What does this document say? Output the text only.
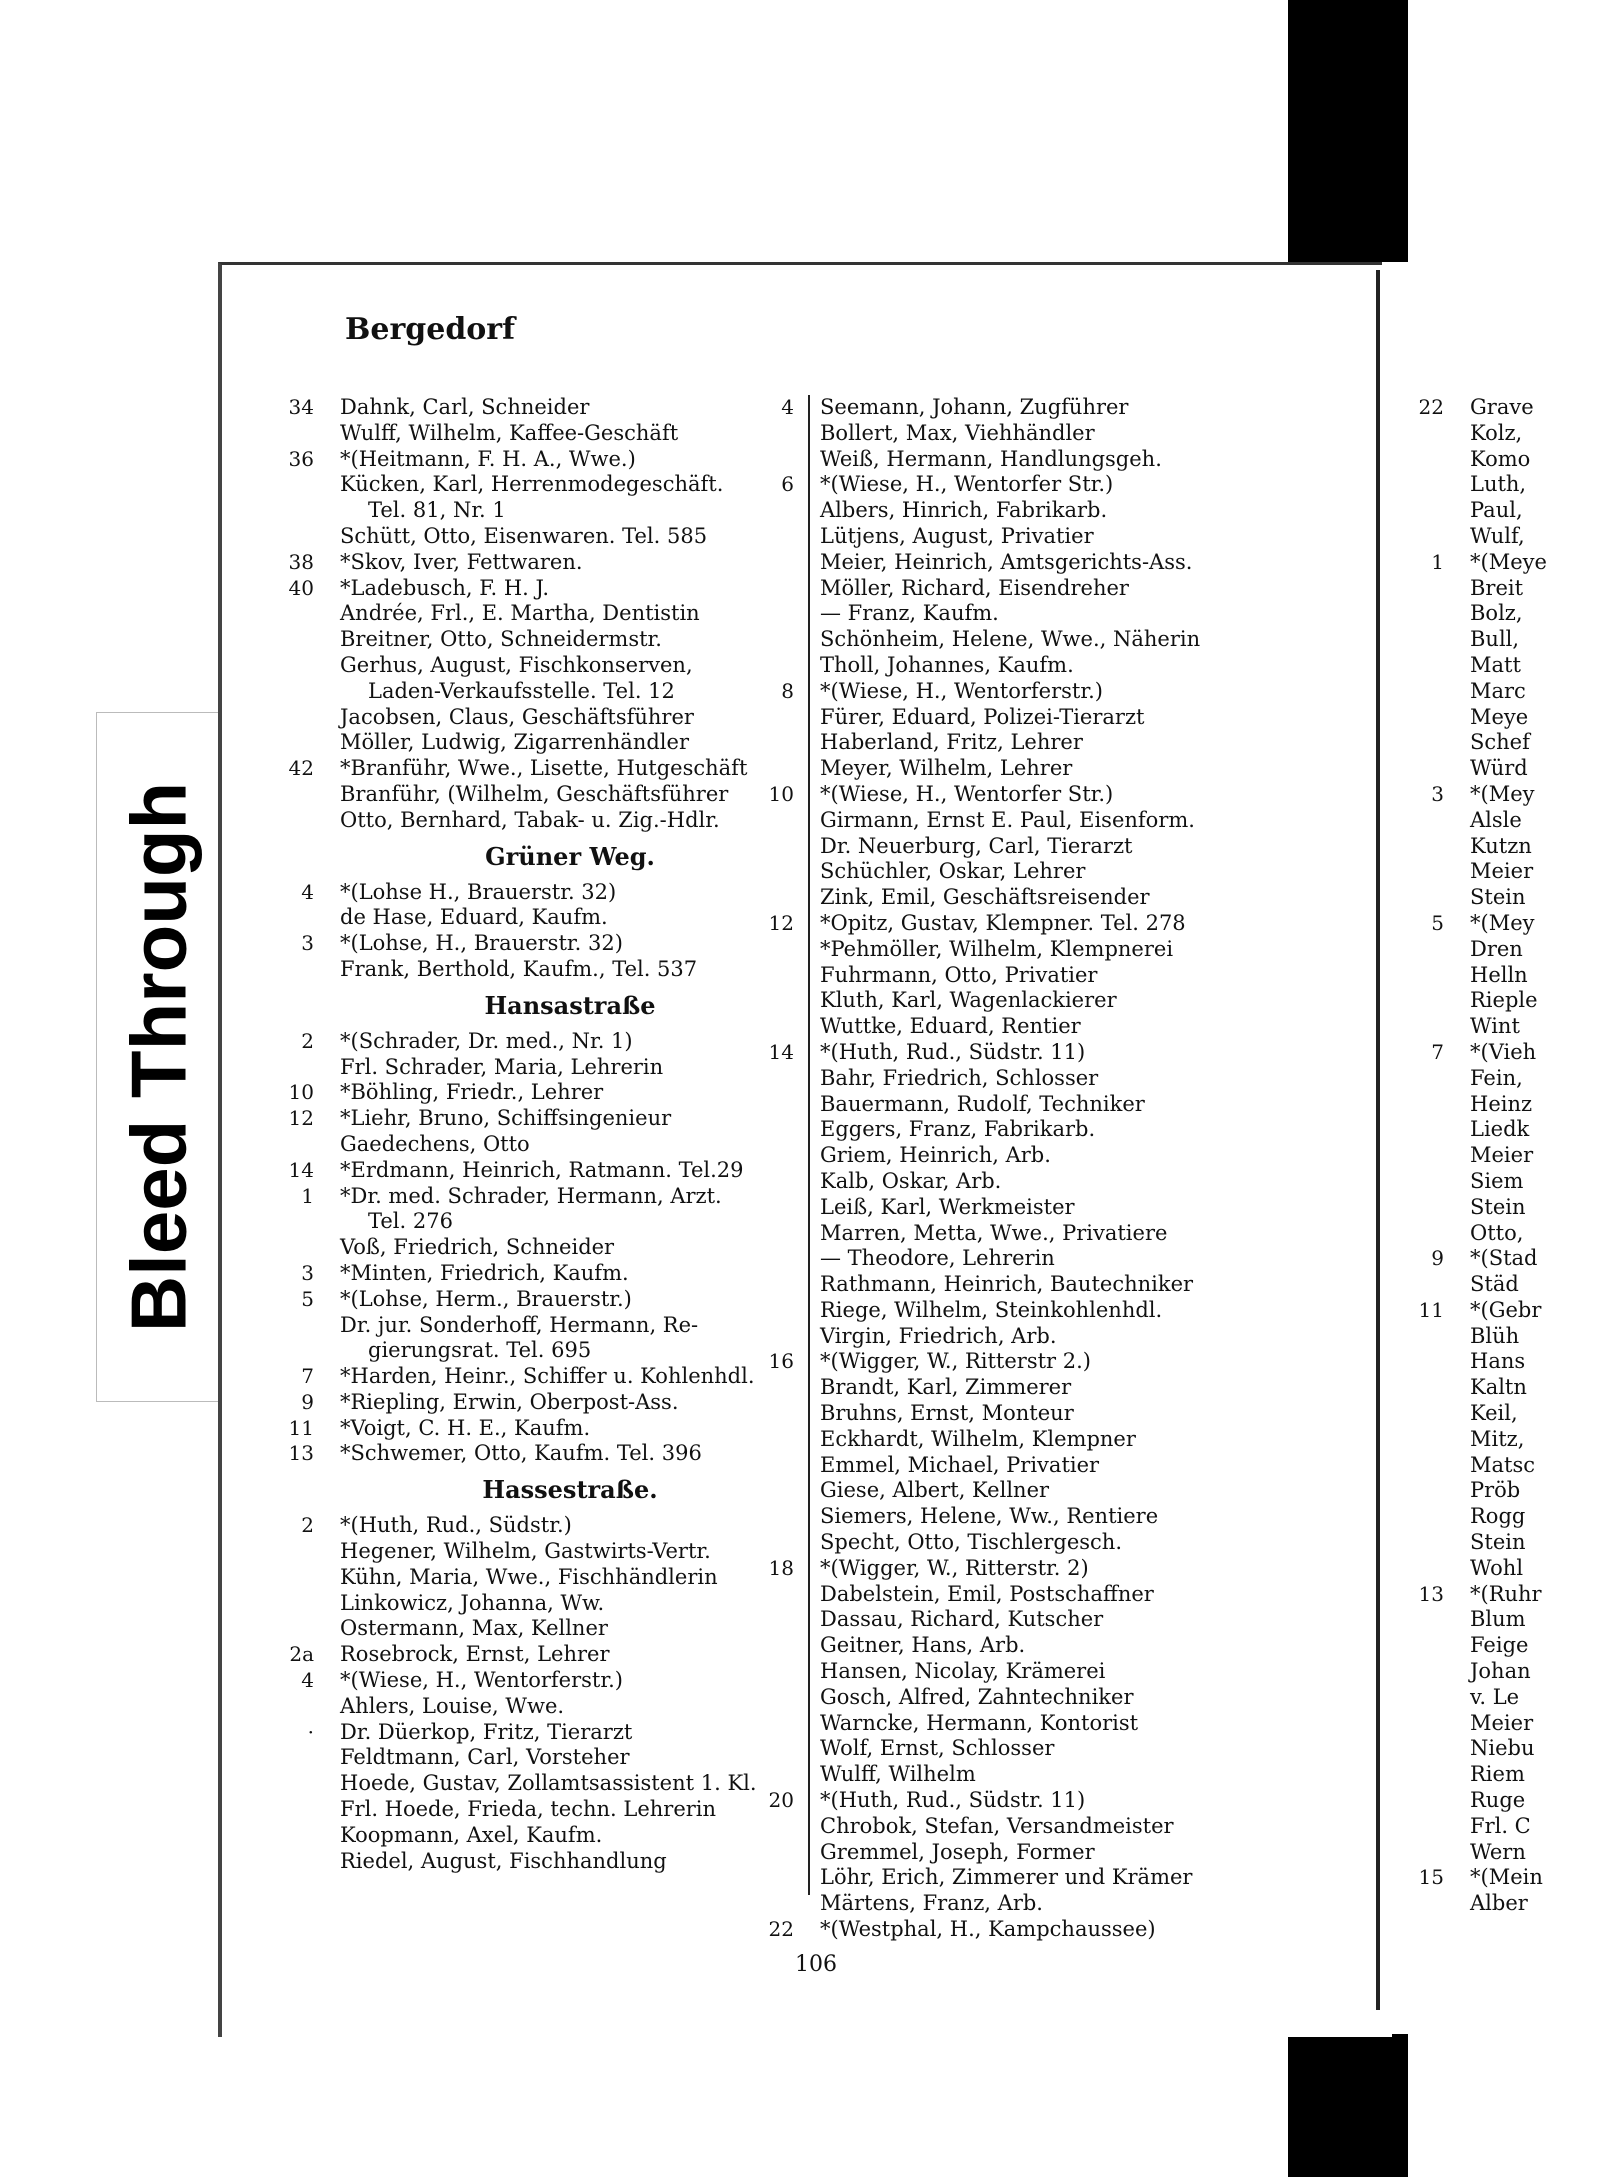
Bleed Through
Bergedorf
34 Dahnk, Carl, Schneider
Wulff, Wilhelm, Kaffee-Geschäft
36 *(Heitmann, F. H. A., Wwe.)
Kücken, Karl, Herrenmodegeschäft.
Tel. 81, Nr. 1
Schütt, Otto, Eisenwaren. Tel. 585
38 *Skov, Iver, Fettwaren.
40 *Ladebusch, F. H. J.
Andrée, Frl., E. Martha, Dentistin
Breitner, Otto, Schneidermstr.
Gerhus, August, Fischkonserven,
Laden-Verkaufsstelle. Tel. 12
Jacobsen, Claus, Geschäftsführer
Möller, Ludwig, Zigarrenhändler
42 *Branführ, Wwe., Lisette, Hutgeschäft
Branführ, (Wilhelm, Geschäftsführer
Otto, Bernhard, Tabak- u. Zig.-Hdlr.
Grüner Weg.
4 *(Lohse H., Brauerstr. 32)
de Hase, Eduard, Kaufm.
3 *(Lohse, H., Brauerstr. 32)
Frank, Berthold, Kaufm., Tel. 537
Hansastraße
2 *(Schrader, Dr. med., Nr. 1)
Frl. Schrader, Maria, Lehrerin
10 *Böhling, Friedr., Lehrer
12 *Liehr, Bruno, Schiffsingenieur
Gaedechens, Otto
14 *Erdmann, Heinrich, Ratmann. Tel.29
1 *Dr. med. Schrader, Hermann, Arzt.
Tel. 276
Voß, Friedrich, Schneider
3 *Minten, Friedrich, Kaufm.
5 *(Lohse, Herm., Brauerstr.)
Dr. jur. Sonderhoff, Hermann, Re-
gierungsrat. Tel. 695
7 *Harden, Heinr., Schiffer u. Kohlenhdl.
9 *Riepling, Erwin, Oberpost-Ass.
11 *Voigt, C. H. E., Kaufm.
13 *Schwemer, Otto, Kaufm. Tel. 396
Hassestraße.
2 *(Huth, Rud., Südstr.)
Hegener, Wilhelm, Gastwirts-Vertr.
Kühn, Maria, Wwe., Fischhändlerin
Linkowicz, Johanna, Ww.
Ostermann, Max, Kellner
2a Rosebrock, Ernst, Lehrer
4 *(Wiese, H., Wentorferstr.)
Ahlers, Louise, Wwe.
· Dr. Düerkop, Fritz, Tierarzt
Feldtmann, Carl, Vorsteher
Hoede, Gustav, Zollamtsassistent 1. Kl.
Frl. Hoede, Frieda, techn. Lehrerin
Koopmann, Axel, Kaufm.
Riedel, August, Fischhandlung
4 Seemann, Johann, Zugführer
Bollert, Max, Viehhändler
Weiß, Hermann, Handlungsgeh.
6 *(Wiese, H., Wentorfer Str.)
Albers, Hinrich, Fabrikarb.
Lütjens, August, Privatier
Meier, Heinrich, Amtsgerichts-Ass.
Möller, Richard, Eisendreher
— Franz, Kaufm.
Schönheim, Helene, Wwe., Näherin
Tholl, Johannes, Kaufm.
8 *(Wiese, H., Wentorferstr.)
Fürer, Eduard, Polizei-Tierarzt
Haberland, Fritz, Lehrer
Meyer, Wilhelm, Lehrer
10 *(Wiese, H., Wentorfer Str.)
Girmann, Ernst E. Paul, Eisenform.
Dr. Neuerburg, Carl, Tierarzt
Schüchler, Oskar, Lehrer
Zink, Emil, Geschäftsreisender
12 *Opitz, Gustav, Klempner. Tel. 278
*Pehmöller, Wilhelm, Klempnerei
Fuhrmann, Otto, Privatier
Kluth, Karl, Wagenlackierer
Wuttke, Eduard, Rentier
14 *(Huth, Rud., Südstr. 11)
Bahr, Friedrich, Schlosser
Bauermann, Rudolf, Techniker
Eggers, Franz, Fabrikarb.
Griem, Heinrich, Arb.
Kalb, Oskar, Arb.
Leiß, Karl, Werkmeister
Marren, Metta, Wwe., Privatiere
— Theodore, Lehrerin
Rathmann, Heinrich, Bautechniker
Riege, Wilhelm, Steinkohlenhdl.
Virgin, Friedrich, Arb.
16 *(Wigger, W., Ritterstr 2.)
Brandt, Karl, Zimmerer
Bruhns, Ernst, Monteur
Eckhardt, Wilhelm, Klempner
Emmel, Michael, Privatier
Giese, Albert, Kellner
Siemers, Helene, Ww., Rentiere
Specht, Otto, Tischlergesch.
18 *(Wigger, W., Ritterstr. 2)
Dabelstein, Emil, Postschaffner
Dassau, Richard, Kutscher
Geitner, Hans, Arb.
Hansen, Nicolay, Krämerei
Gosch, Alfred, Zahntechniker
Warncke, Hermann, Kontorist
Wolf, Ernst, Schlosser
Wulff, Wilhelm
20 *(Huth, Rud., Südstr. 11)
Chrobok, Stefan, Versandmeister
Gremmel, Joseph, Former
Löhr, Erich, Zimmerer und Krämer
Märtens, Franz, Arb.
22 *(Westphal, H., Kampchaussee)
22 Grave
Kolz,
Komo
Luth,
Paul,
Wulf,
1 *(Meye
Breit
Bolz,
Bull,
Matt
Marc
Meye
Schef
Würd
3 *(Mey
Alsle
Kutzn
Meier
Stein
5 *(Mey
Dren
Helln
Rieple
Wint
7 *(Vieh
Fein,
Heinz
Liedk
Meier
Siem
Stein
Otto,
9 *(Stad
Städ
11 *(Gebr
Blüh
Hans
Kaltn
Keil,
Mitz,
Matsc
Pröb
Rogg
Stein
Wohl
13 *(Ruhr
Blum
Feige
Johan
v. Le
Meier
Niebu
Riem
Ruge
Frl. C
Wern
15 *(Mein
Alber
106
